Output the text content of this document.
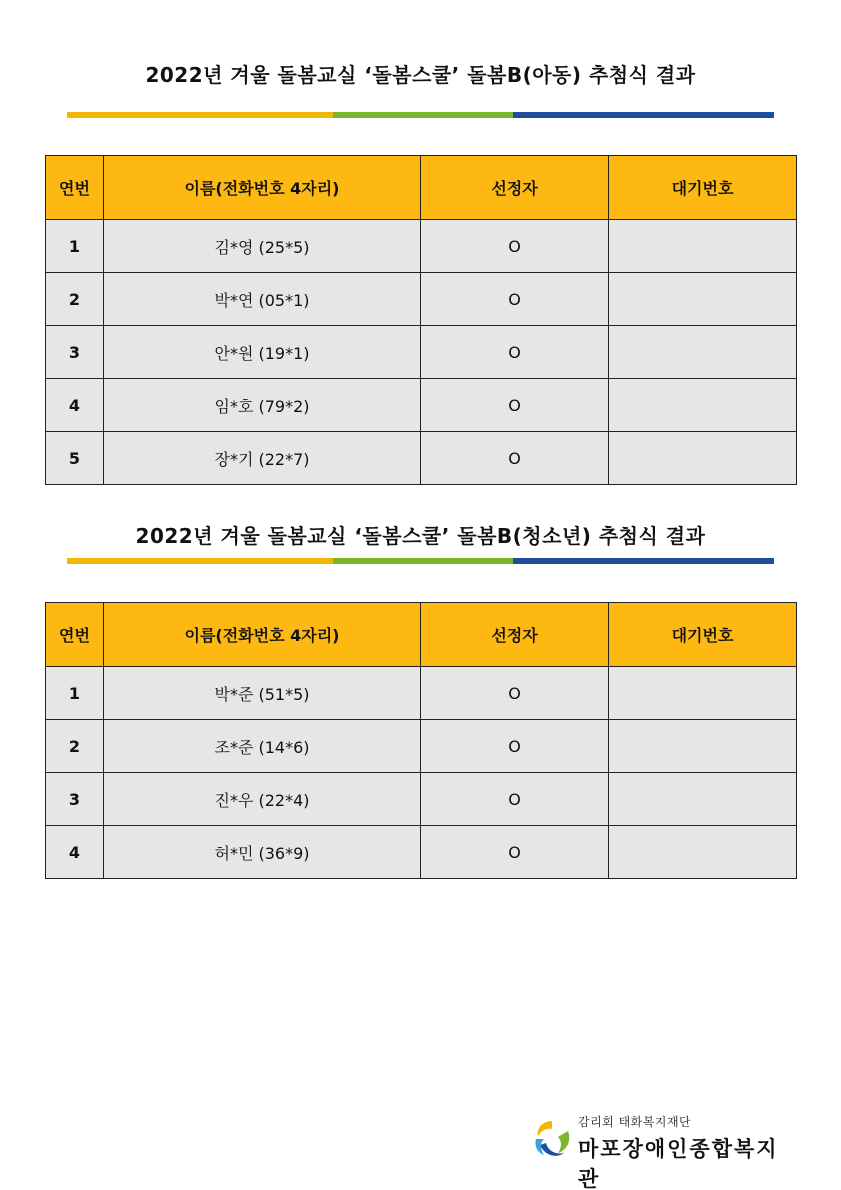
2022년 겨울 돌봄교실 ‘돌봄스쿨’ 돌봄B(아동) 추첨식 결과
연번	이름(전화번호 4자리)	선정자	대기번호
1	김*영 (25*5)	O	
2	박*연 (05*1)	O	
3	안*원 (19*1)	O	
4	임*호 (79*2)	O	
5	장*기 (22*7)	O	
2022년 겨울 돌봄교실 ‘돌봄스쿨’ 돌봄B(청소년) 추첨식 결과
연번	이름(전화번호 4자리)	선정자	대기번호
1	박*준 (51*5)	O	
2	조*준 (14*6)	O	
3	진*우 (22*4)	O	
4	허*민 (36*9)	O	
감리회 태화복지재단
마포장애인종합복지관
